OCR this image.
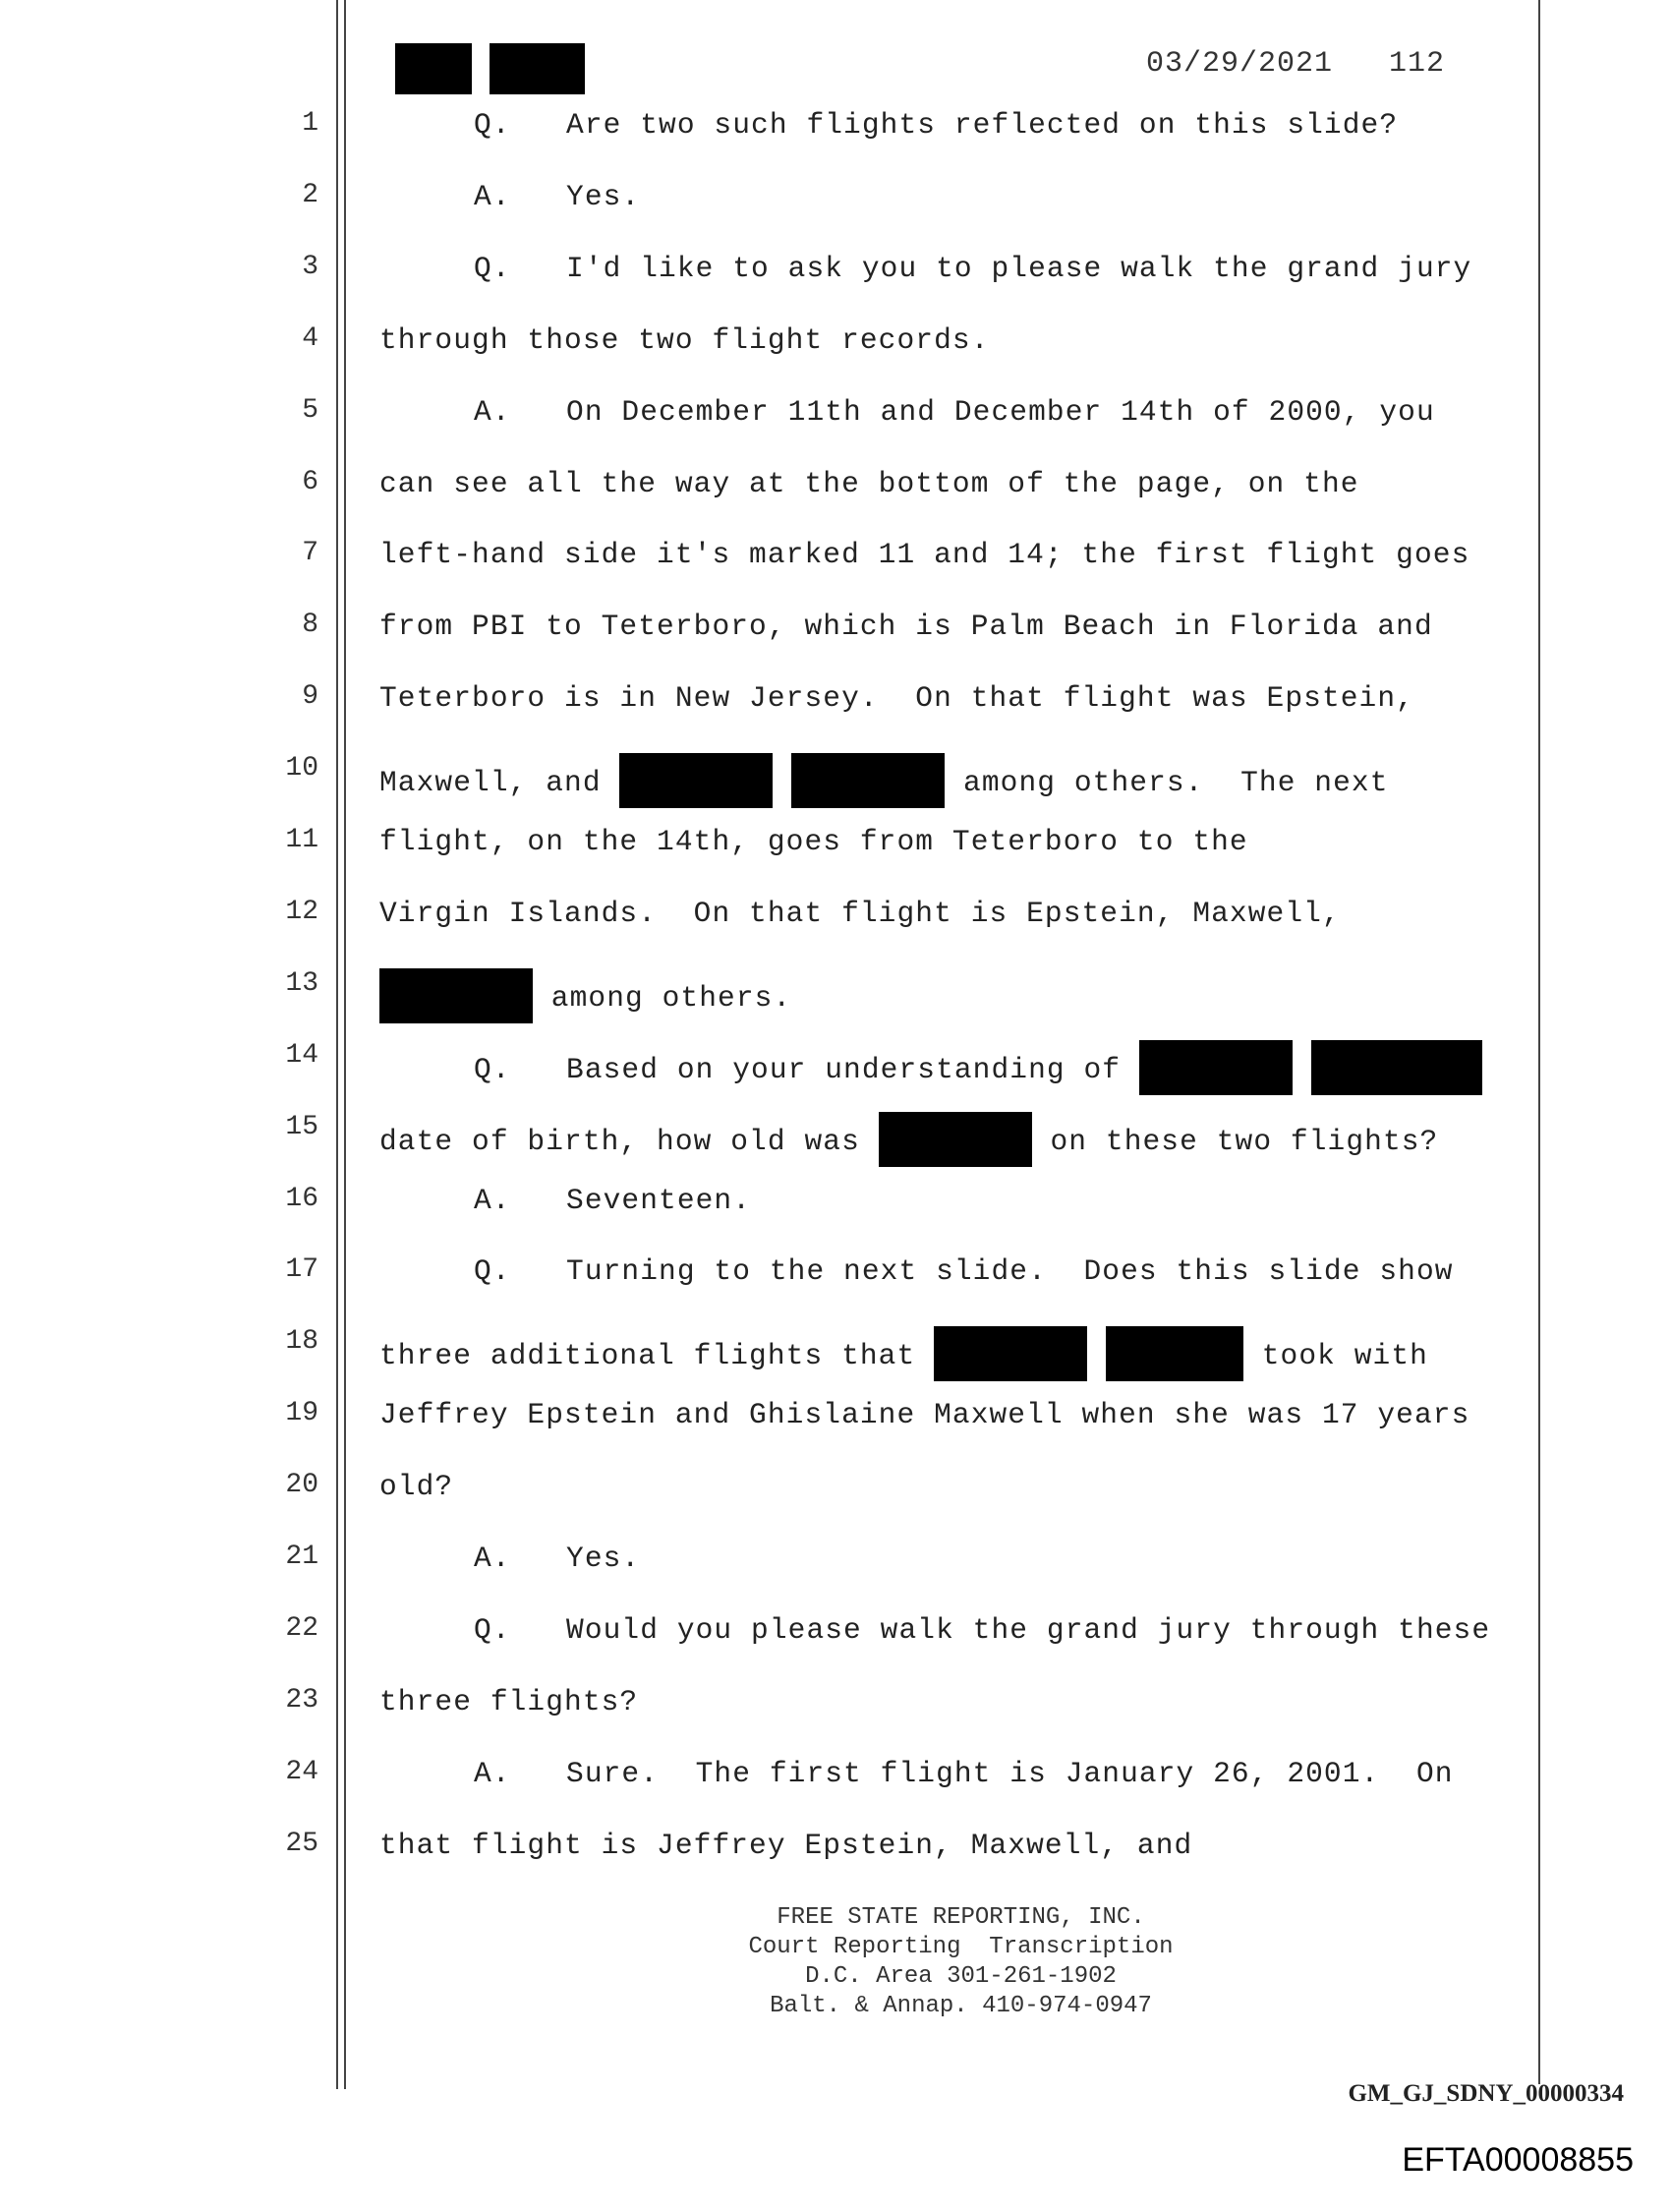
03/29/2021 112
1	Q.   Are two such flights reflected on this slide?
2	A.   Yes.
3	Q.   I'd like to ask you to please walk the grand jury
4 through those two flight records.
5	A.   On December 11th and December 14th of 2000, you
6 can see all the way at the bottom of the page, on the
7 left-hand side it's marked 11 and 14; the first flight goes
8 from PBI to Teterboro, which is Palm Beach in Florida and
9 Teterboro is in New Jersey.  On that flight was Epstein,
10 Maxwell, and	among others.  The next
11 flight, on the 14th, goes from Teterboro to the
12 Virgin Islands.  On that flight is Epstein, Maxwell,
13	among others.
14	Q.   Based on your understanding of
15 date of birth, how old was	on these two flights?
16	A.   Seventeen.
17	Q.   Turning to the next slide.  Does this slide show
18 three additional flights that	took with
19 Jeffrey Epstein and Ghislaine Maxwell when she was 17 years
20 old?
21	A.   Yes.
22	Q.   Would you please walk the grand jury through these
23 three flights?
24	A.   Sure.  The first flight is January 26, 2001.  On
25 that flight is Jeffrey Epstein, Maxwell, and
FREE STATE REPORTING, INC.
Court Reporting  Transcription
D.C. Area 301-261-1902
Balt. & Annap. 410-974-0947
GM_GJ_SDNY_00000334
EFTA00008855
